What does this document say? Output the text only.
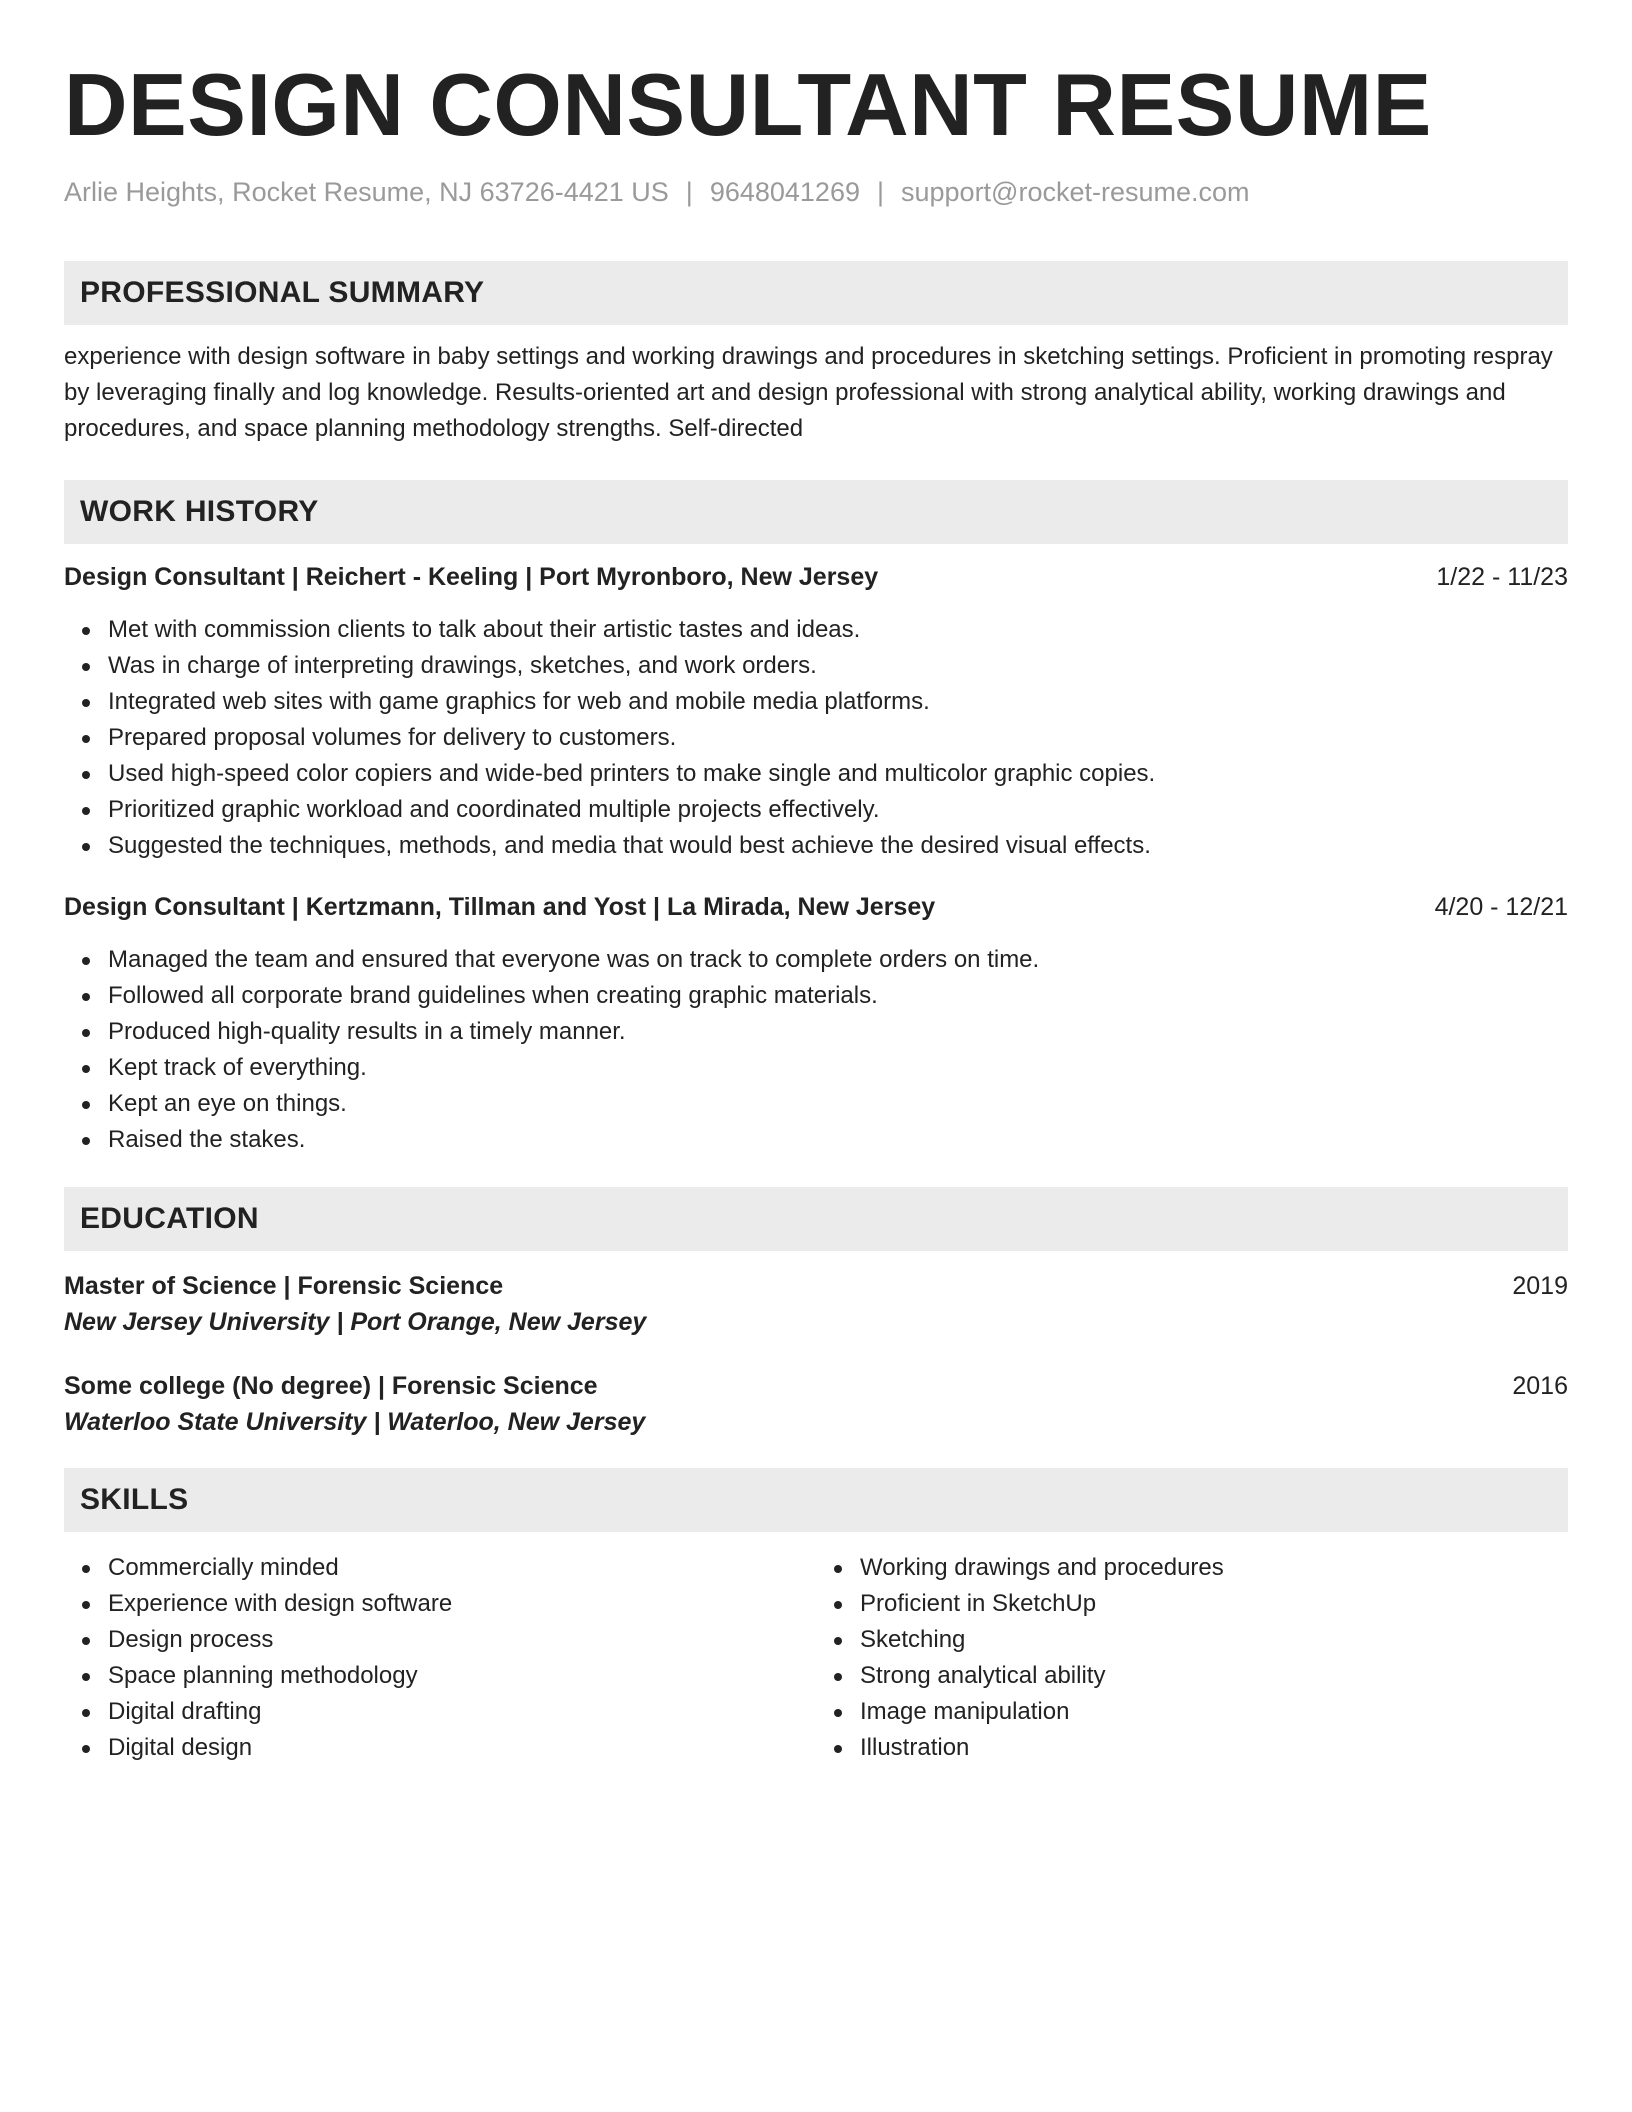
DESIGN CONSULTANT RESUME
Arlie Heights, Rocket Resume, NJ 63726-4421 US | 9648041269 | support@rocket-resume.com
PROFESSIONAL SUMMARY

experience with design software in baby settings and working drawings and procedures in sketching settings. Proficient in promoting respray by leveraging finally and log knowledge. Results-oriented art and design professional with strong analytical ability, working drawings and procedures, and space planning methodology strengths. Self-directed

WORK HISTORY
Design Consultant | Reichert - Keeling | Port Myronboro, New Jersey	1/22 - 11/23
Met with commission clients to talk about their artistic tastes and ideas.
Was in charge of interpreting drawings, sketches, and work orders.
Integrated web sites with game graphics for web and mobile media platforms.
Prepared proposal volumes for delivery to customers.
Used high-speed color copiers and wide-bed printers to make single and multicolor graphic copies.
Prioritized graphic workload and coordinated multiple projects effectively.
Suggested the techniques, methods, and media that would best achieve the desired visual effects.
Design Consultant | Kertzmann, Tillman and Yost | La Mirada, New Jersey	4/20 - 12/21
Managed the team and ensured that everyone was on track to complete orders on time.
Followed all corporate brand guidelines when creating graphic materials.
Produced high-quality results in a timely manner.
Kept track of everything.
Kept an eye on things.
Raised the stakes.
EDUCATION
Master of Science | Forensic Science	2019
New Jersey University | Port Orange, New Jersey
Some college (No degree) | Forensic Science	2016
Waterloo State University | Waterloo, New Jersey
SKILLS
Commercially minded
Experience with design software
Design process
Space planning methodology
Digital drafting
Digital design
Working drawings and procedures
Proficient in SketchUp
Sketching
Strong analytical ability
Image manipulation
Illustration
